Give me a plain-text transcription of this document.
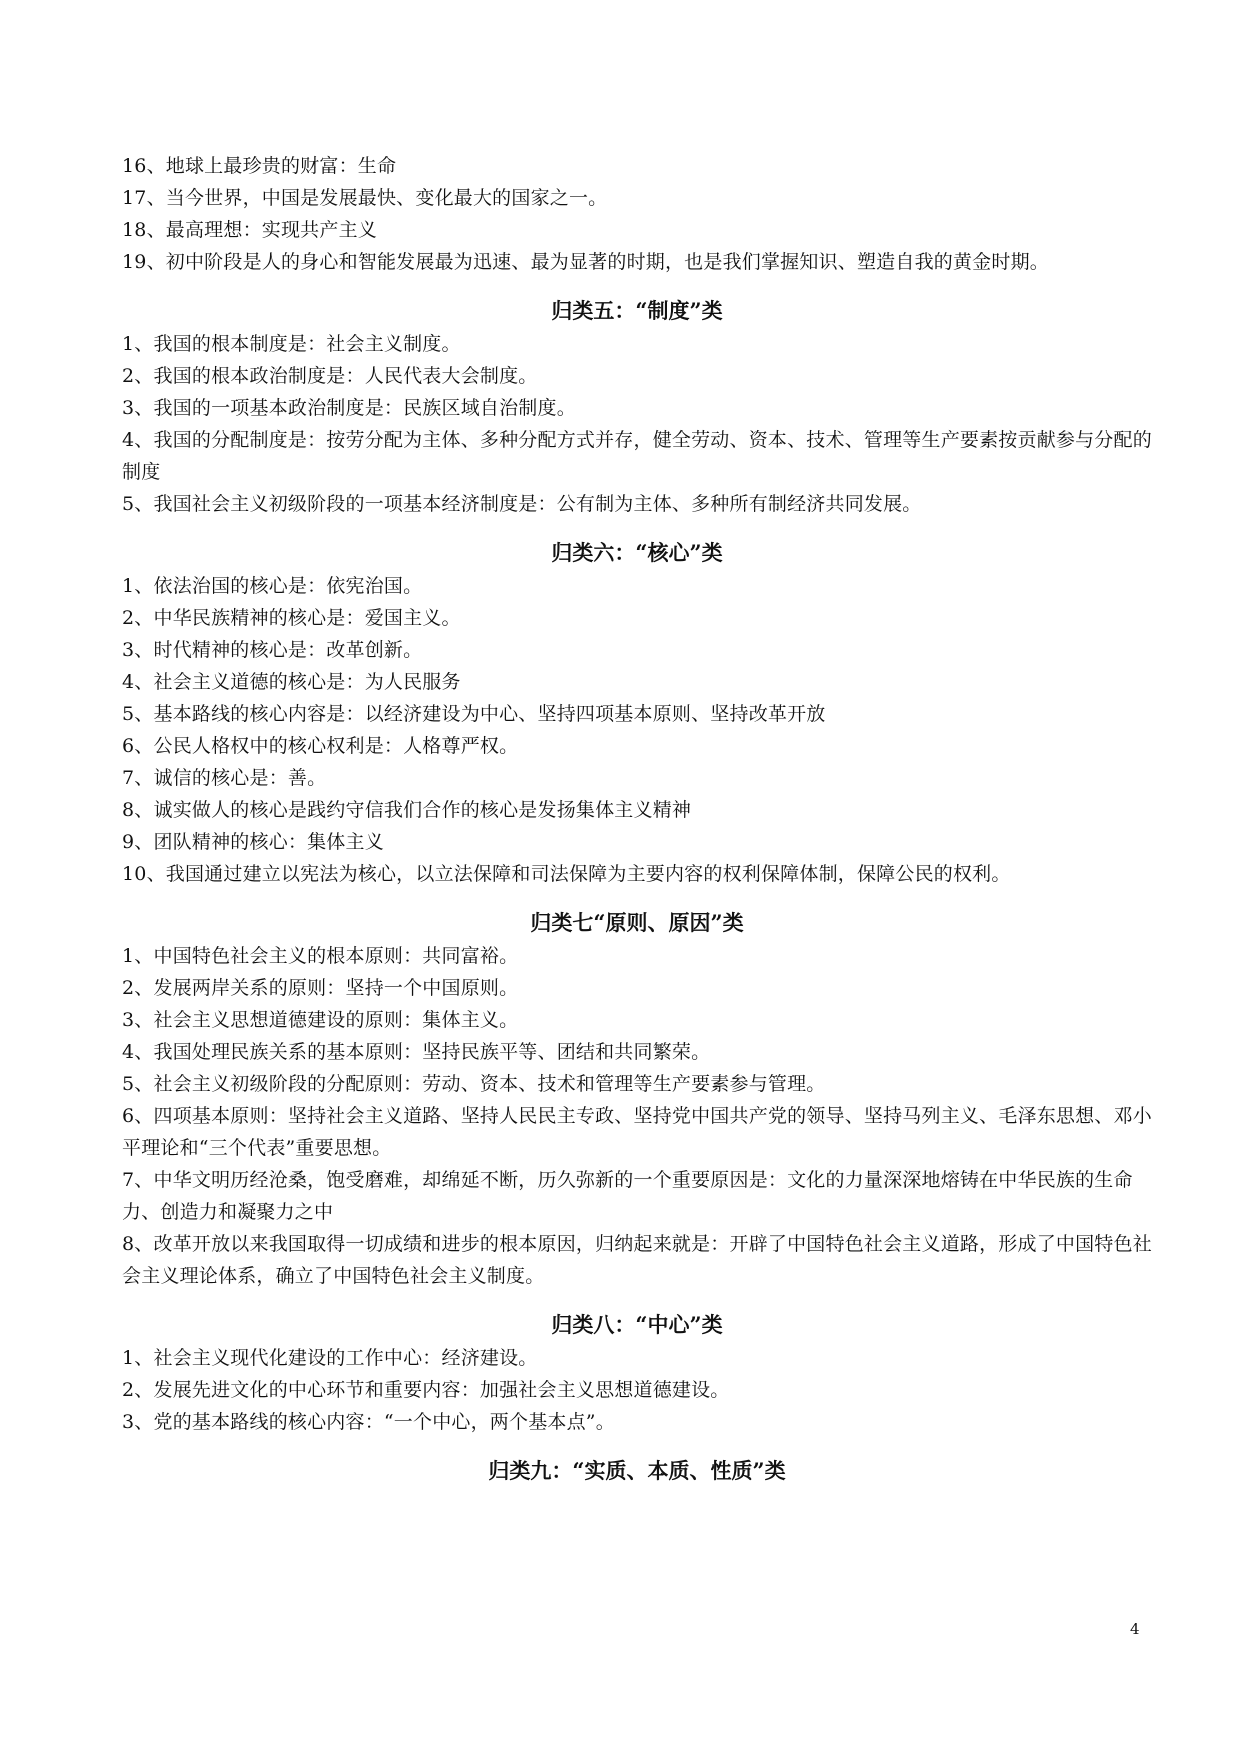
16、地球上最珍贵的财富：生命
17、当今世界，中国是发展最快、变化最大的国家之一。
18、最高理想：实现共产主义
19、初中阶段是人的身心和智能发展最为迅速、最为显著的时期，也是我们掌握知识、塑造自我的黄金时期。
归类五：“制度”类
1、我国的根本制度是：社会主义制度。
2、我国的根本政治制度是：人民代表大会制度。
3、我国的一项基本政治制度是：民族区域自治制度。
4、我国的分配制度是：按劳分配为主体、多种分配方式并存，健全劳动、资本、技术、管理等生产要素按贡献参与分配的制度
5、我国社会主义初级阶段的一项基本经济制度是：公有制为主体、多种所有制经济共同发展。
归类六：“核心”类
1、依法治国的核心是：依宪治国。
2、中华民族精神的核心是：爱国主义。
3、时代精神的核心是：改革创新。
4、社会主义道德的核心是：为人民服务
5、基本路线的核心内容是：以经济建设为中心、坚持四项基本原则、坚持改革开放
6、公民人格权中的核心权利是：人格尊严权。
7、诚信的核心是：善。
8、诚实做人的核心是践约守信我们合作的核心是发扬集体主义精神
9、团队精神的核心：集体主义
10、我国通过建立以宪法为核心，以立法保障和司法保障为主要内容的权利保障体制，保障公民的权利。
归类七“原则、原因”类
1、中国特色社会主义的根本原则：共同富裕。
2、发展两岸关系的原则：坚持一个中国原则。
3、社会主义思想道德建设的原则：集体主义。
4、我国处理民族关系的基本原则：坚持民族平等、团结和共同繁荣。
5、社会主义初级阶段的分配原则：劳动、资本、技术和管理等生产要素参与管理。
6、四项基本原则：坚持社会主义道路、坚持人民民主专政、坚持党中国共产党的领导、坚持马列主义、毛泽东思想、邓小平理论和“三个代表”重要思想。
7、中华文明历经沧桑，饱受磨难，却绵延不断，历久弥新的一个重要原因是：文化的力量深深地熔铸在中华民族的生命力、创造力和凝聚力之中
8、改革开放以来我国取得一切成绩和进步的根本原因，归纳起来就是：开辟了中国特色社会主义道路，形成了中国特色社会主义理论体系，确立了中国特色社会主义制度。
归类八：“中心”类
1、社会主义现代化建设的工作中心：经济建设。
2、发展先进文化的中心环节和重要内容：加强社会主义思想道德建设。
3、党的基本路线的核心内容：“一个中心，两个基本点”。
归类九：“实质、本质、性质”类
4
